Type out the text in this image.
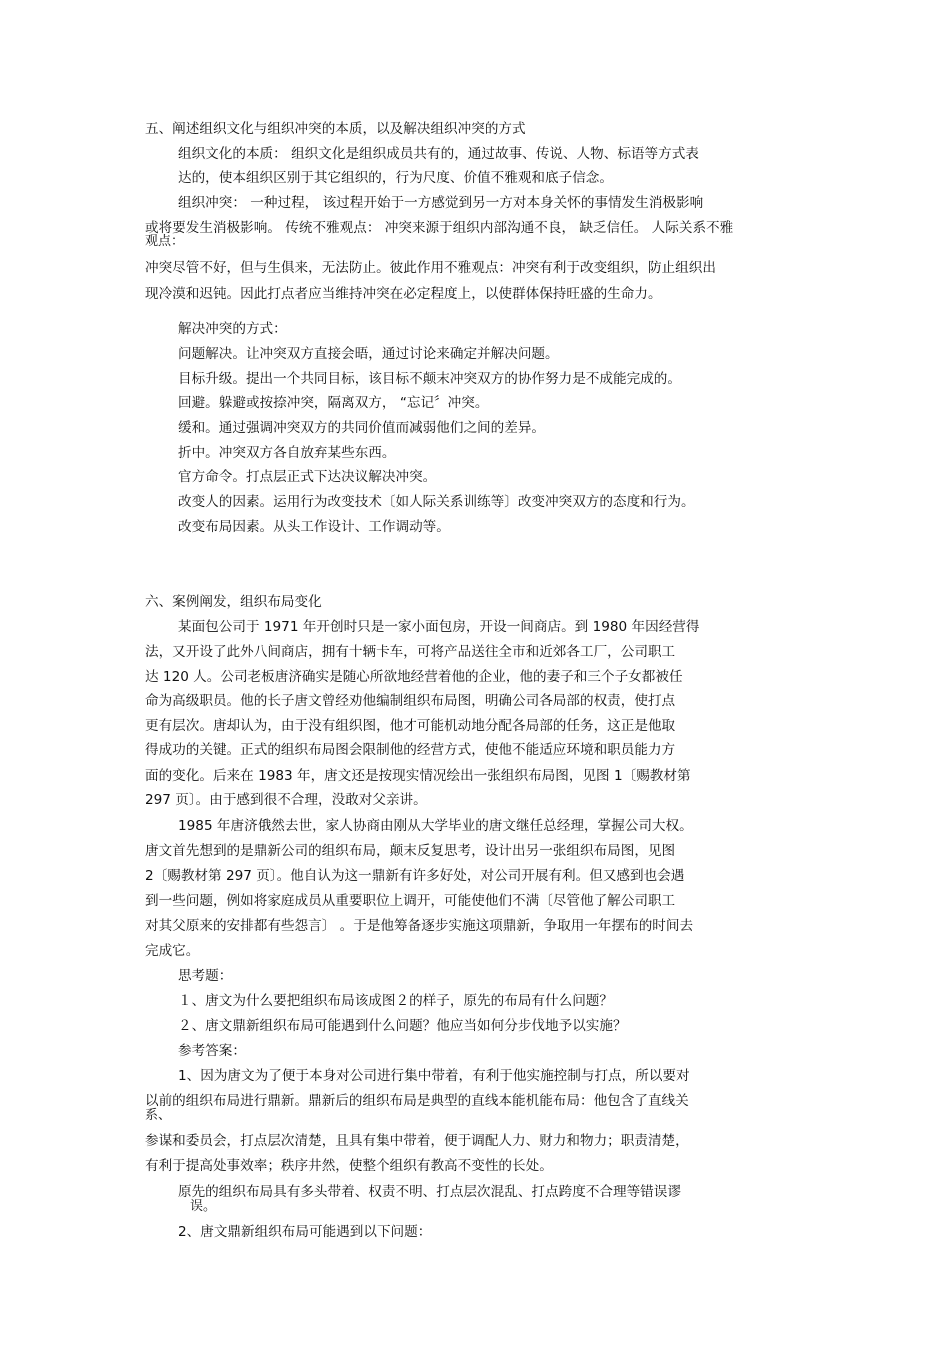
五、阐述组织文化与组织冲突的本质，以及解决组织冲突的方式
组织文化的本质： 组织文化是组织成员共有的，通过故事、传说、人物、标语等方式表
达的，使本组织区别于其它组织的，行为尺度、价值不雅观和底子信念。
组织冲突： 一种过程， 该过程开始于一方感觉到另一方对本身关怀的事情发生消极影响
或将要发生消极影响。 传统不雅观点： 冲突来源于组织内部沟通不良， 缺乏信任。 人际关系不雅
观点：
冲突尽管不好，但与生俱来，无法防止。彼此作用不雅观点：冲突有利于改变组织，防止组织出
现冷漠和迟钝。因此打点者应当维持冲突在必定程度上，以使群体保持旺盛的生命力。
解决冲突的方式：
问题解决。让冲突双方直接会晤，通过讨论来确定并解决问题。
目标升级。提出一个共同目标，该目标不颠末冲突双方的协作努力是不成能完成的。
回避。躲避或按捺冲突，隔离双方， “忘记〞冲突。
缓和。通过强调冲突双方的共同价值而减弱他们之间的差异。
折中。冲突双方各自放弃某些东西。
官方命令。打点层正式下达决议解决冲突。
改变人的因素。运用行为改变技术〔如人际关系训练等〕改变冲突双方的态度和行为。
改变布局因素。从头工作设计、工作调动等。
六、案例阐发，组织布局变化
某面包公司于 1971 年开创时只是一家小面包房，开设一间商店。到 1980 年因经营得
法，又开设了此外八间商店，拥有十辆卡车，可将产品送往全市和近郊各工厂，公司职工
达 120 人。公司老板唐济确实是随心所欲地经营着他的企业，他的妻子和三个子女都被任
命为高级职员。他的长子唐文曾经劝他编制组织布局图，明确公司各局部的权责，使打点
更有层次。唐却认为，由于没有组织图，他才可能机动地分配各局部的任务，这正是他取
得成功的关键。正式的组织布局图会限制他的经营方式，使他不能适应环境和职员能力方
面的变化。后来在 1983 年，唐文还是按现实情况绘出一张组织布局图，见图 1〔赐教材第
297 页〕。由于感到很不合理，没敢对父亲讲。
1985 年唐济俄然去世，家人协商由刚从大学毕业的唐文继任总经理，掌握公司大权。
唐文首先想到的是鼎新公司的组织布局，颠末反复思考，设计出另一张组织布局图，见图
2〔赐教材第 297 页〕。他自认为这一鼎新有许多好处，对公司开展有利。但又感到也会遇
到一些问题，例如将家庭成员从重要职位上调开，可能使他们不满〔尽管他了解公司职工
对其父原来的安排都有些怨言〕 。于是他筹备逐步实施这项鼎新，争取用一年摆布的时间去
完成它。
思考题：
１、唐文为什么要把组织布局该成图２的样子，原先的布局有什么问题？
２、唐文鼎新组织布局可能遇到什么问题？他应当如何分步伐地予以实施？
参考答案：
1、因为唐文为了便于本身对公司进行集中带着，有利于他实施控制与打点，所以要对
以前的组织布局进行鼎新。鼎新后的组织布局是典型的直线本能机能布局：他包含了直线关
系、
参谋和委员会，打点层次清楚，且具有集中带着，便于调配人力、财力和物力；职责清楚，
有利于提高处事效率；秩序井然，使整个组织有教高不变性的长处。
原先的组织布局具有多头带着、权责不明、打点层次混乱、打点跨度不合理等错误谬
误。
2、唐文鼎新组织布局可能遇到以下问题：
